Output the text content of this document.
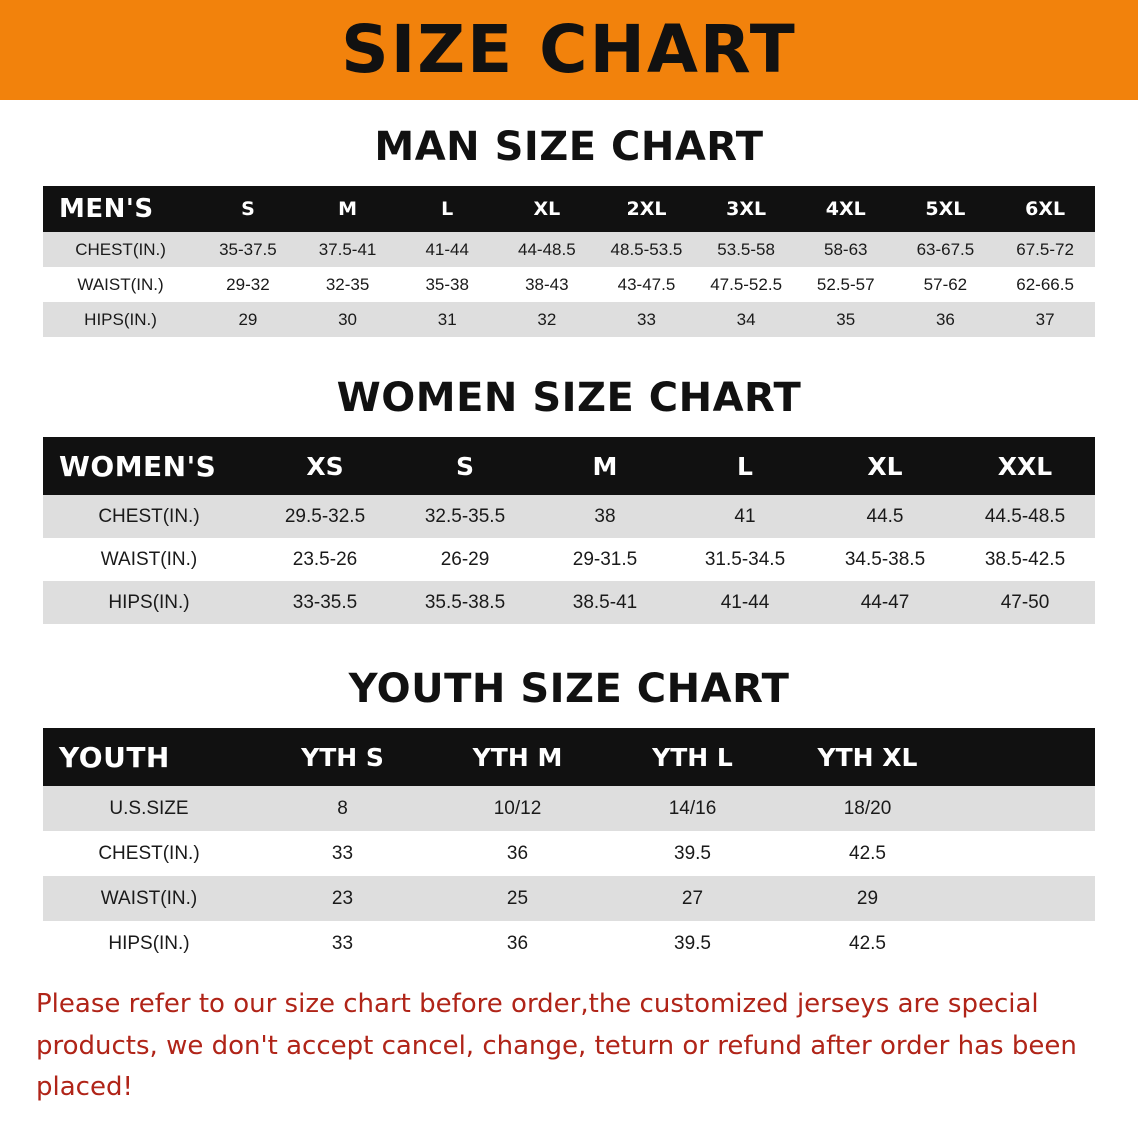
SIZE CHART
MAN SIZE CHART
MEN'S	S	M	L	XL	2XL	3XL	4XL	5XL	6XL
CHEST(IN.)	35-37.5	37.5-41	41-44	44-48.5	48.5-53.5	53.5-58	58-63	63-67.5	67.5-72
WAIST(IN.)	29-32	32-35	35-38	38-43	43-47.5	47.5-52.5	52.5-57	57-62	62-66.5
HIPS(IN.)	29	30	31	32	33	34	35	36	37
WOMEN SIZE CHART
WOMEN'S	XS	S	M	L	XL	XXL
CHEST(IN.)	29.5-32.5	32.5-35.5	38	41	44.5	44.5-48.5
WAIST(IN.)	23.5-26	26-29	29-31.5	31.5-34.5	34.5-38.5	38.5-42.5
HIPS(IN.)	33-35.5	35.5-38.5	38.5-41	41-44	44-47	47-50
YOUTH SIZE CHART
YOUTH	YTH S	YTH M	YTH L	YTH XL	
U.S.SIZE	8	10/12	14/16	18/20	
CHEST(IN.)	33	36	39.5	42.5	
WAIST(IN.)	23	25	27	29	
HIPS(IN.)	33	36	39.5	42.5	
Please refer to our size chart before order,the customized jerseys are special products, we don't accept cancel, change, teturn or refund after order has been placed!
